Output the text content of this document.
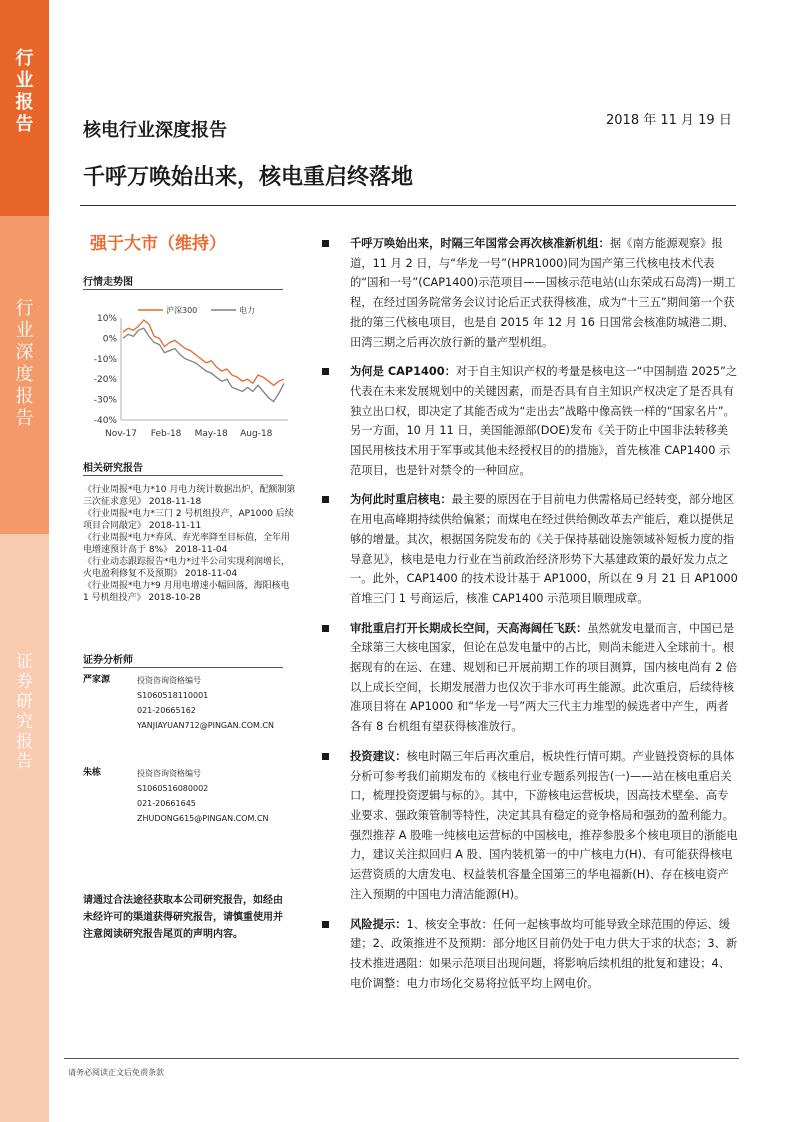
行
业
报
告
行
业
深
度
报
告
证
券
研
究
报
告
核电行业深度报告	2018 年 11 月 19 日
千呼万唤始出来，核电重启终落地
强于大市（维持）
行情走势图
沪深300	电力
10%
0%
-10%
-20%
-30%
-40%
Nov-17 Feb-18 May-18 Aug-18
相关研究报告

《行业周报*电力*10 月电力统计数据出炉，配额制第三次征求意见》 2018-11-18

《行业周报*电力*三门 2 号机组投产，AP1000 后续项目合同敲定》 2018-11-11

《行业周报*电力*弃风、弃光率降至目标值，全年用电增速预计高于 8%》 2018-11-04

《行业动态跟踪报告*电力*过半公司实现利润增长，火电盈利修复不及预期》 2018-11-04

《行业周报*电力*9 月用电增速小幅回落，海阳核电 1 号机组投产》 2018-10-28

证券分析师
严家源	投资咨询资格编号
S1060518110001
021-20665162
YANJIAYUAN712@PINGAN.COM.CN
朱栋	投资咨询资格编号
S1060516080002
021-20661645
ZHUDONG615@PINGAN.COM.CN
请通过合法途径获取本公司研究报告，如经由未经许可的渠道获得研究报告，请慎重使用并注意阅读研究报告尾页的声明内容。
千呼万唤始出来，时隔三年国常会再次核准新机组：据《南方能源观察》报道，11 月 2 日，与“华龙一号”(HPR1000)同为国产第三代核电技术代表的“国和一号”(CAP1400)示范项目——国核示范电站(山东荣成石岛湾)一期工程，在经过国务院常务会议讨论后正式获得核准，成为“十三五”期间第一个获批的第三代核电项目，也是自 2015 年 12 月 16 日国常会核准防城港二期、田湾三期之后再次放行新的量产型机组。
为何是 CAP1400：对于自主知识产权的考量是核电这一“中国制造 2025”之代表在未来发展规划中的关键因素，而是否具有自主知识产权决定了是否具有独立出口权，即决定了其能否成为“走出去”战略中像高铁一样的“国家名片”。另一方面，10 月 11 日，美国能源部(DOE)发布《关于防止中国非法转移美国民用核技术用于军事或其他未经授权目的的措施》，首先核准 CAP1400 示范项目，也是针对禁令的一种回应。
为何此时重启核电：最主要的原因在于目前电力供需格局已经转变，部分地区在用电高峰期持续供给偏紧；而煤电在经过供给侧改革去产能后，难以提供足够的增量。其次，根据国务院发布的《关于保持基础设施领域补短板力度的指导意见》，核电是电力行业在当前政治经济形势下大基建政策的最好发力点之一。此外，CAP1400 的技术设计基于 AP1000，所以在 9 月 21 日 AP1000 首堆三门 1 号商运后，核准 CAP1400 示范项目顺理成章。
审批重启打开长期成长空间，天高海阔任飞跃：虽然就发电量而言，中国已是全球第三大核电国家，但论在总发电量中的占比，则尚未能进入全球前十。根据现有的在运、在建、规划和已开展前期工作的项目测算，国内核电尚有 2 倍以上成长空间，长期发展潜力也仅次于非水可再生能源。此次重启，后续待核准项目将在 AP1000 和“华龙一号”两大三代主力堆型的候选者中产生，两者各有 8 台机组有望获得核准放行。
投资建议：核电时隔三年后再次重启，板块性行情可期。产业链投资标的具体分析可参考我们前期发布的《核电行业专题系列报告(一)——站在核电重启关口，梳理投资逻辑与标的》。其中，下游核电运营板块，因高技术壁垒、高专业要求、强政策管制等特性，决定其具有稳定的竞争格局和强劲的盈利能力。强烈推荐 A 股唯一纯核电运营标的中国核电，推荐参股多个核电项目的浙能电力，建议关注拟回归 A 股、国内装机第一的中广核电力(H)、有可能获得核电运营资质的大唐发电、权益装机容量全国第三的华电福新(H)、存在核电资产注入预期的中国电力清洁能源(H)。
风险提示：1、核安全事故：任何一起核事故均可能导致全球范围的停运、缓建；2、政策推进不及预期：部分地区目前仍处于电力供大于求的状态；3、新技术推进遇阻：如果示范项目出现问题，将影响后续机组的批复和建设；4、电价调整：电力市场化交易将拉低平均上网电价。
请务必阅读正文后免责条款
